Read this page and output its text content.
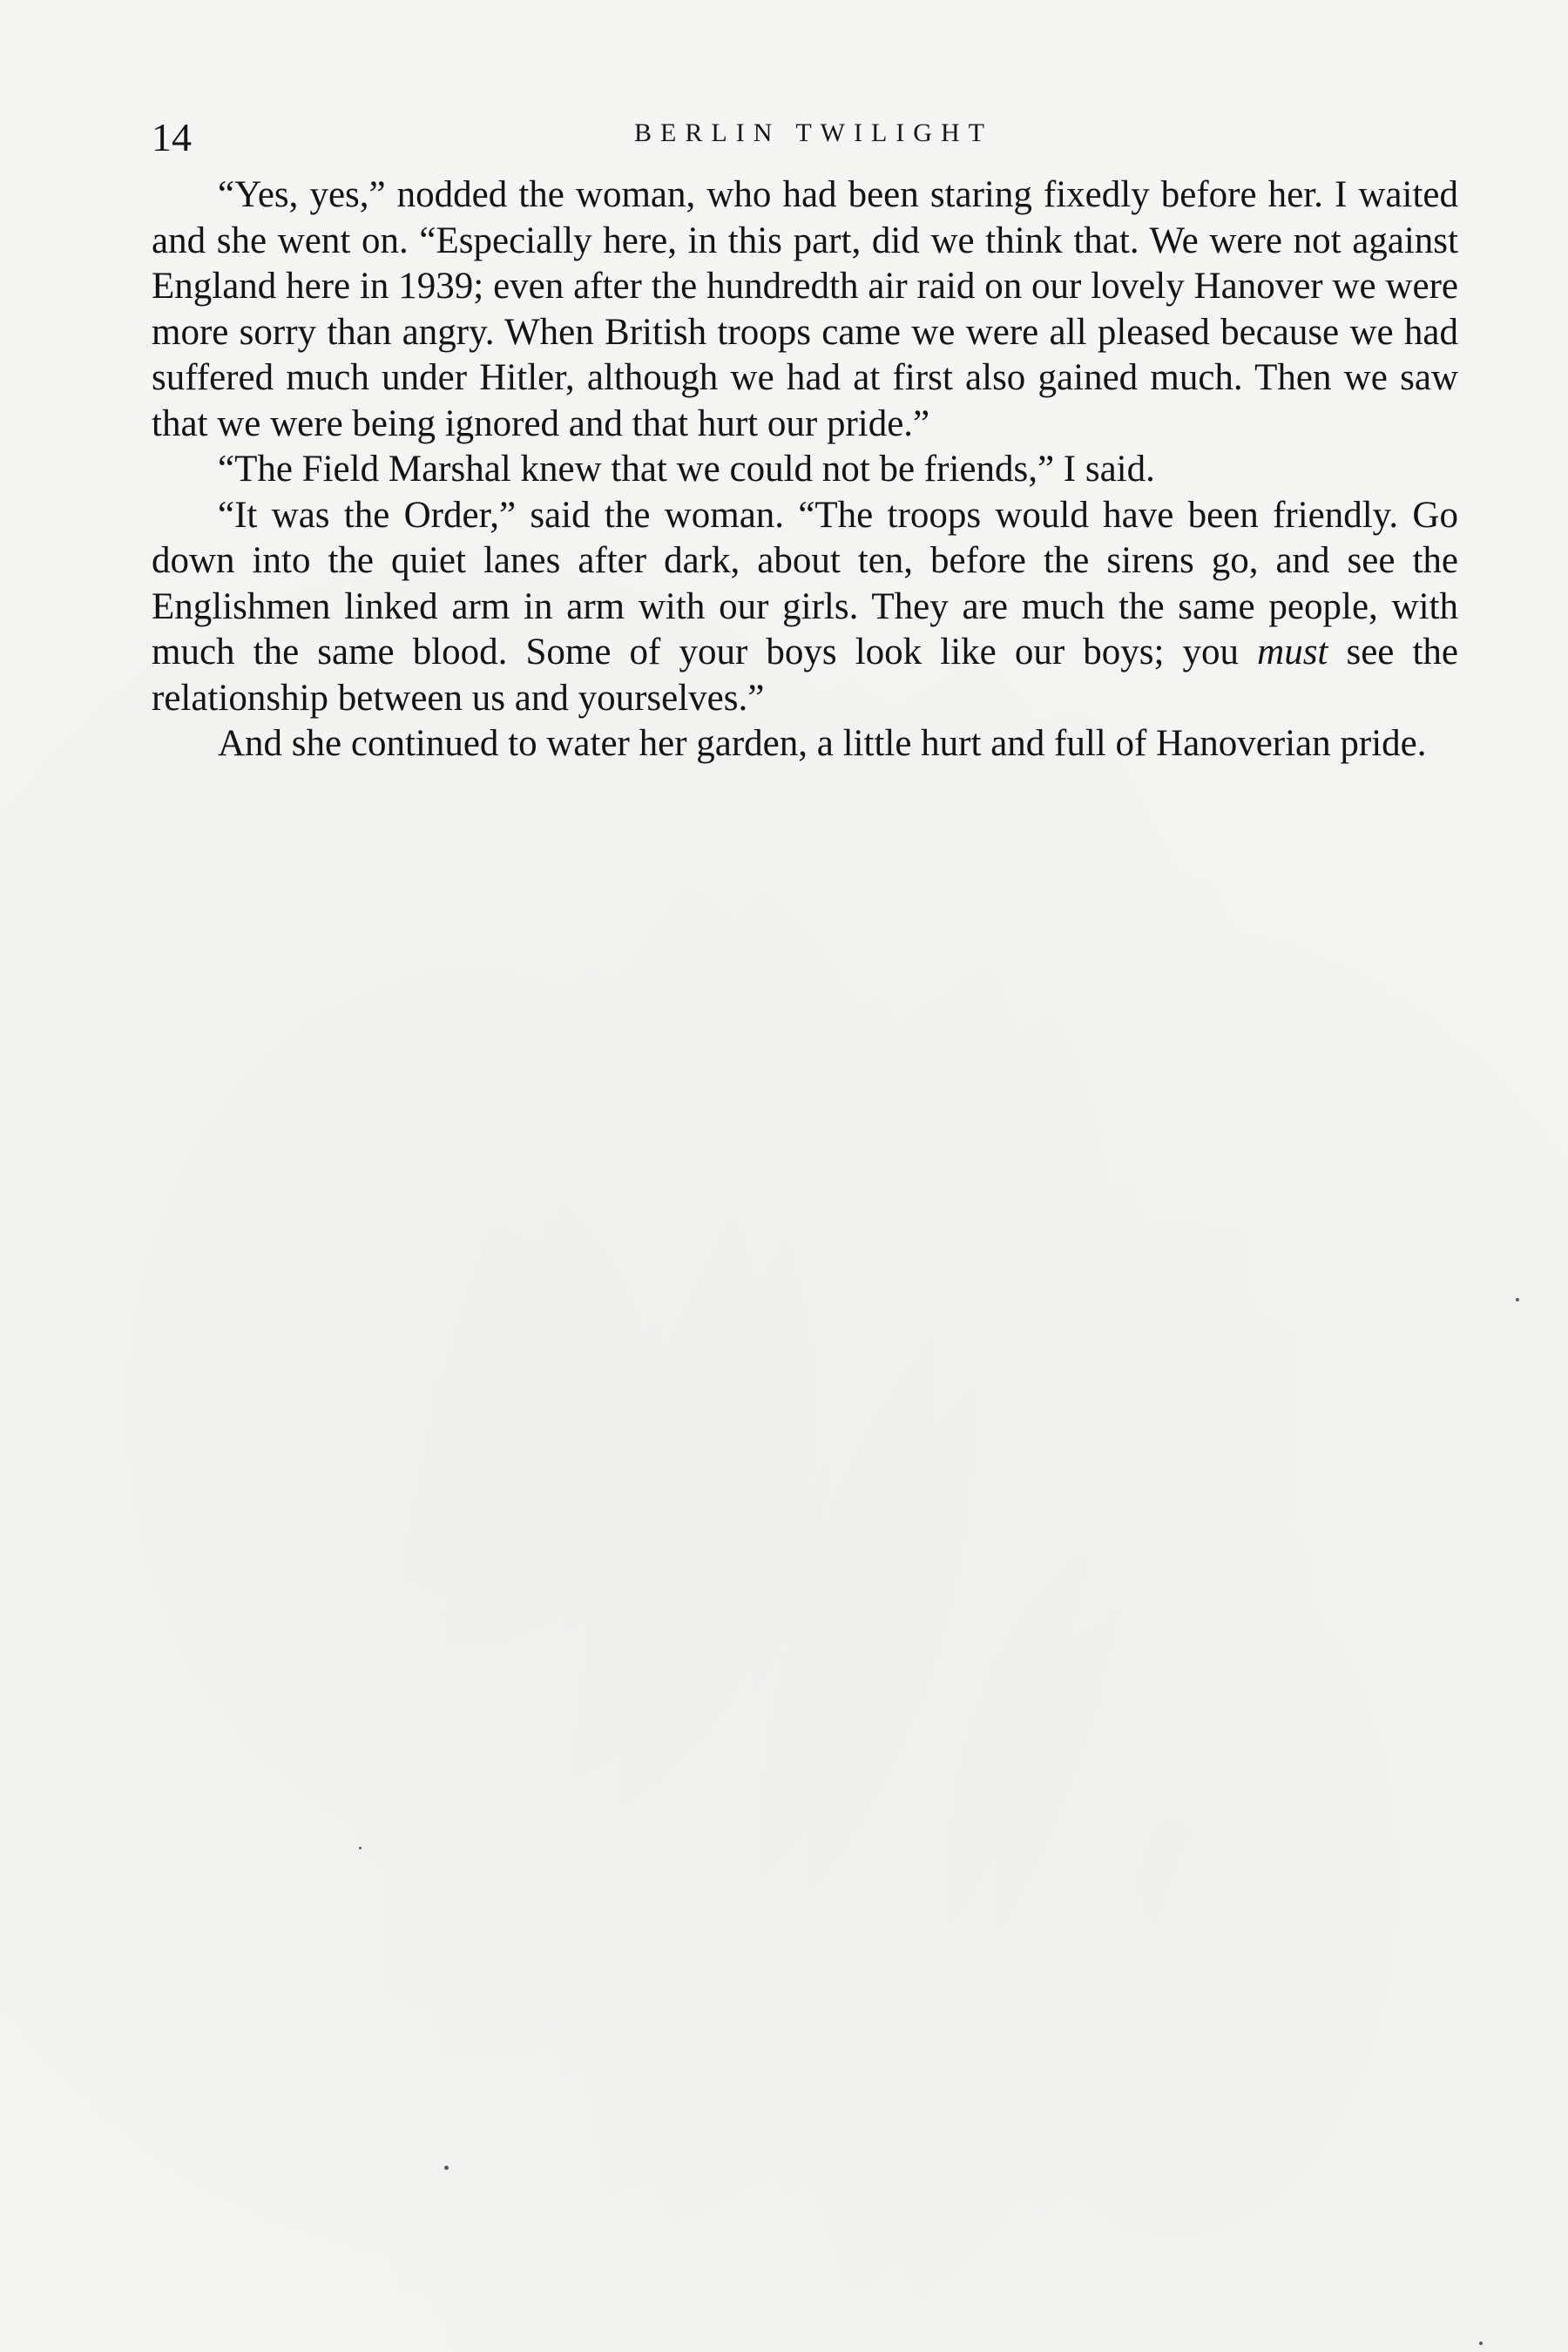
14	BERLIN TWILIGHT

“Yes, yes,” nodded the woman, who had been staring fixedly before her. I waited and she went on. “Especially here, in this part, did we think that. We were not against England here in 1939; even after the hundredth air raid on our lovely Hanover we were more sorry than angry. When British troops came we were all pleased because we had suffered much under Hitler, although we had at first also gained much. Then we saw that we were being ignored and that hurt our pride.”

“The Field Marshal knew that we could not be friends,” I said.

“It was the Order,” said the woman. “The troops would have been friendly. Go down into the quiet lanes after dark, about ten, before the sirens go, and see the Englishmen linked arm in arm with our girls. They are much the same people, with much the same blood. Some of your boys look like our boys; you must see the relationship between us and yourselves.”

And she continued to water her garden, a little hurt and full of Hanoverian pride.
